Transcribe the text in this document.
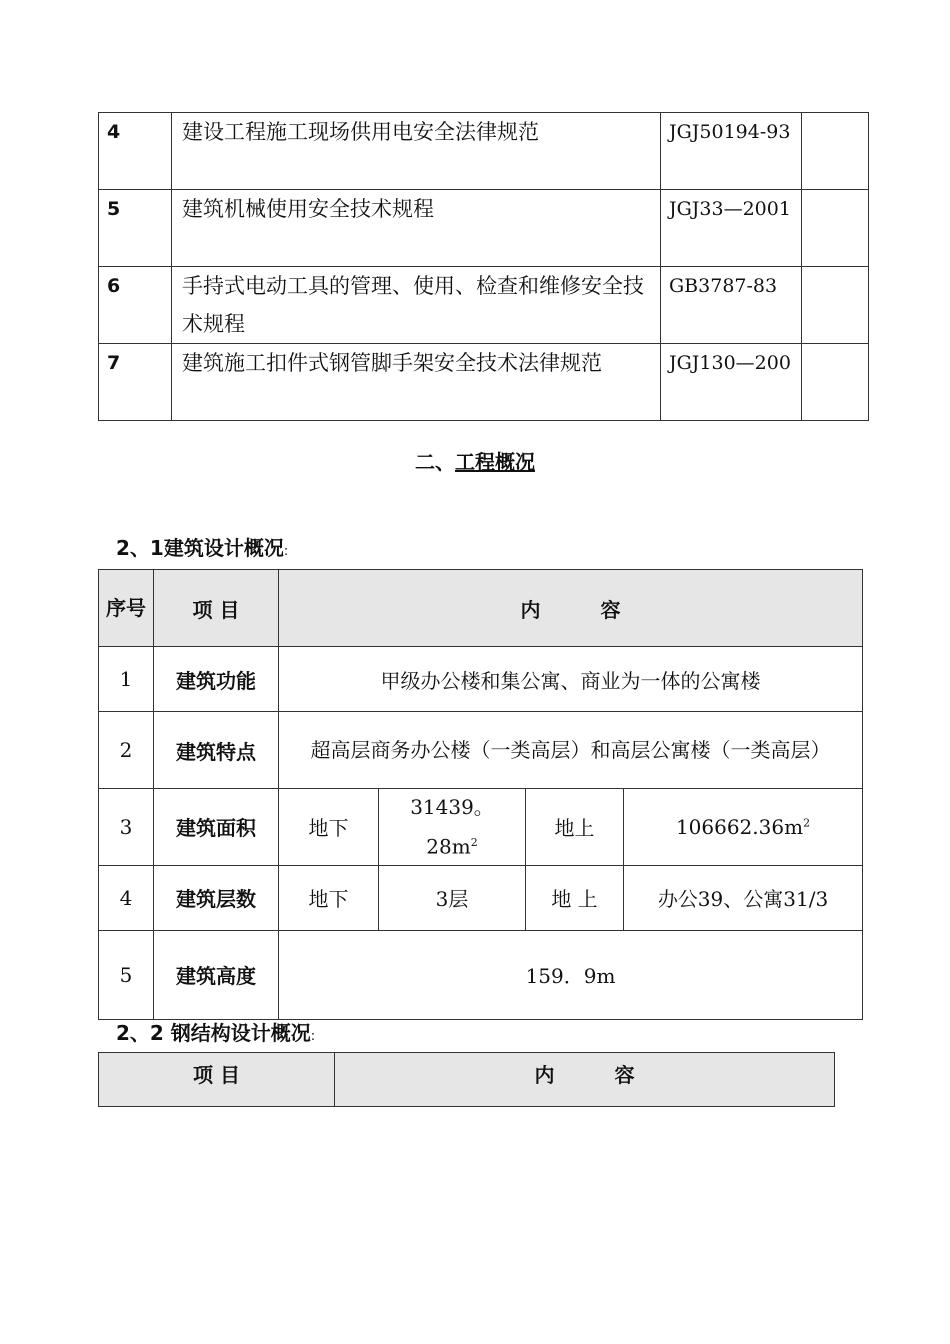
4	建设工程施工现场供用电安全法律规范	JGJ50194-93	
5	建筑机械使用安全技术规程	JGJ33—2001	
6	手持式电动工具的管理、使用、检查和维修安全技术规程	GB3787-83	
7	建筑施工扣件式钢管脚手架安全技术法律规范	JGJ130—200	
二、工程概况
2、1建筑设计概况:
序号	项 目	内　　　容			
1	建筑功能	甲级办公楼和集公寓、商业为一体的公寓楼			
2	建筑特点	超高层商务办公楼（一类高层）和高层公寓楼（一类高层）			
3	建筑面积	地下	31439。$28m^2$	地上	$106662.36m^2$
4	建筑层数	地下	3层	地 上	办公39、公寓31/3
5	建筑高度	159．9m			
2、2 钢结构设计概况:
项 目	内　　　容
